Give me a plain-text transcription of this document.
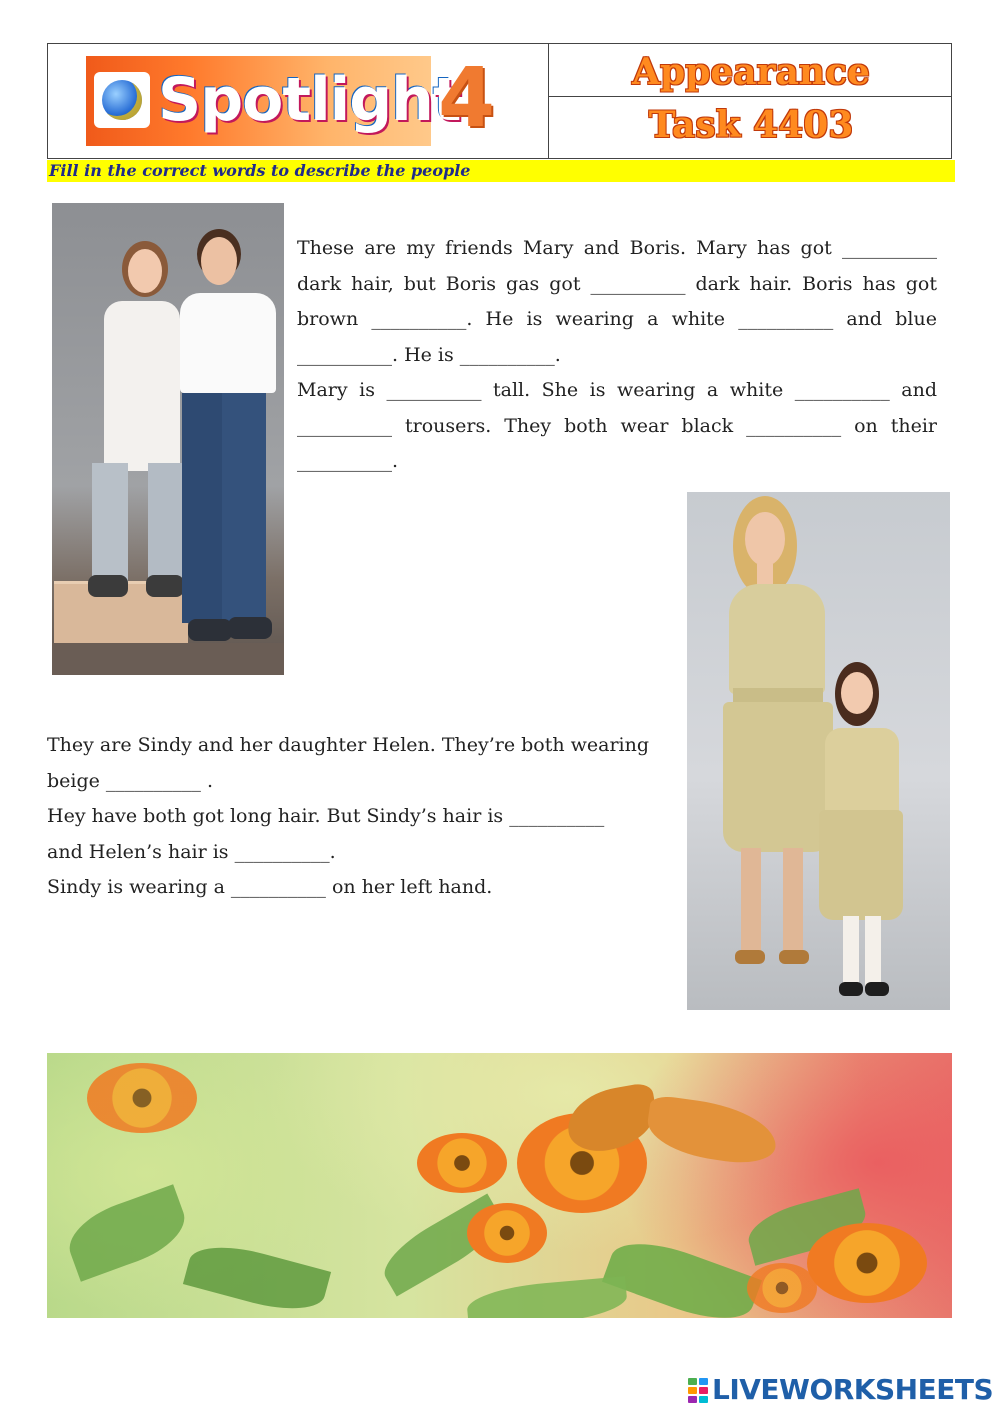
Spotlight
4	Appearance
Task 4403
Fill in the correct words to describe the people
These are my friends Mary and Boris. Mary has got __________
dark hair, but Boris gas got __________ dark hair. Boris has got
brown __________. He is wearing a white __________ and blue
__________. He is __________.
Mary is __________ tall. She is wearing a white __________ and
__________ trousers. They both wear black __________ on their
__________.
They are Sindy and her daughter Helen. They’re both wearing
beige __________ .
Hey have both got long hair. But Sindy’s hair is __________
and Helen’s hair is __________.
Sindy is wearing a __________ on her left hand.
LIVEWORKSHEETS
